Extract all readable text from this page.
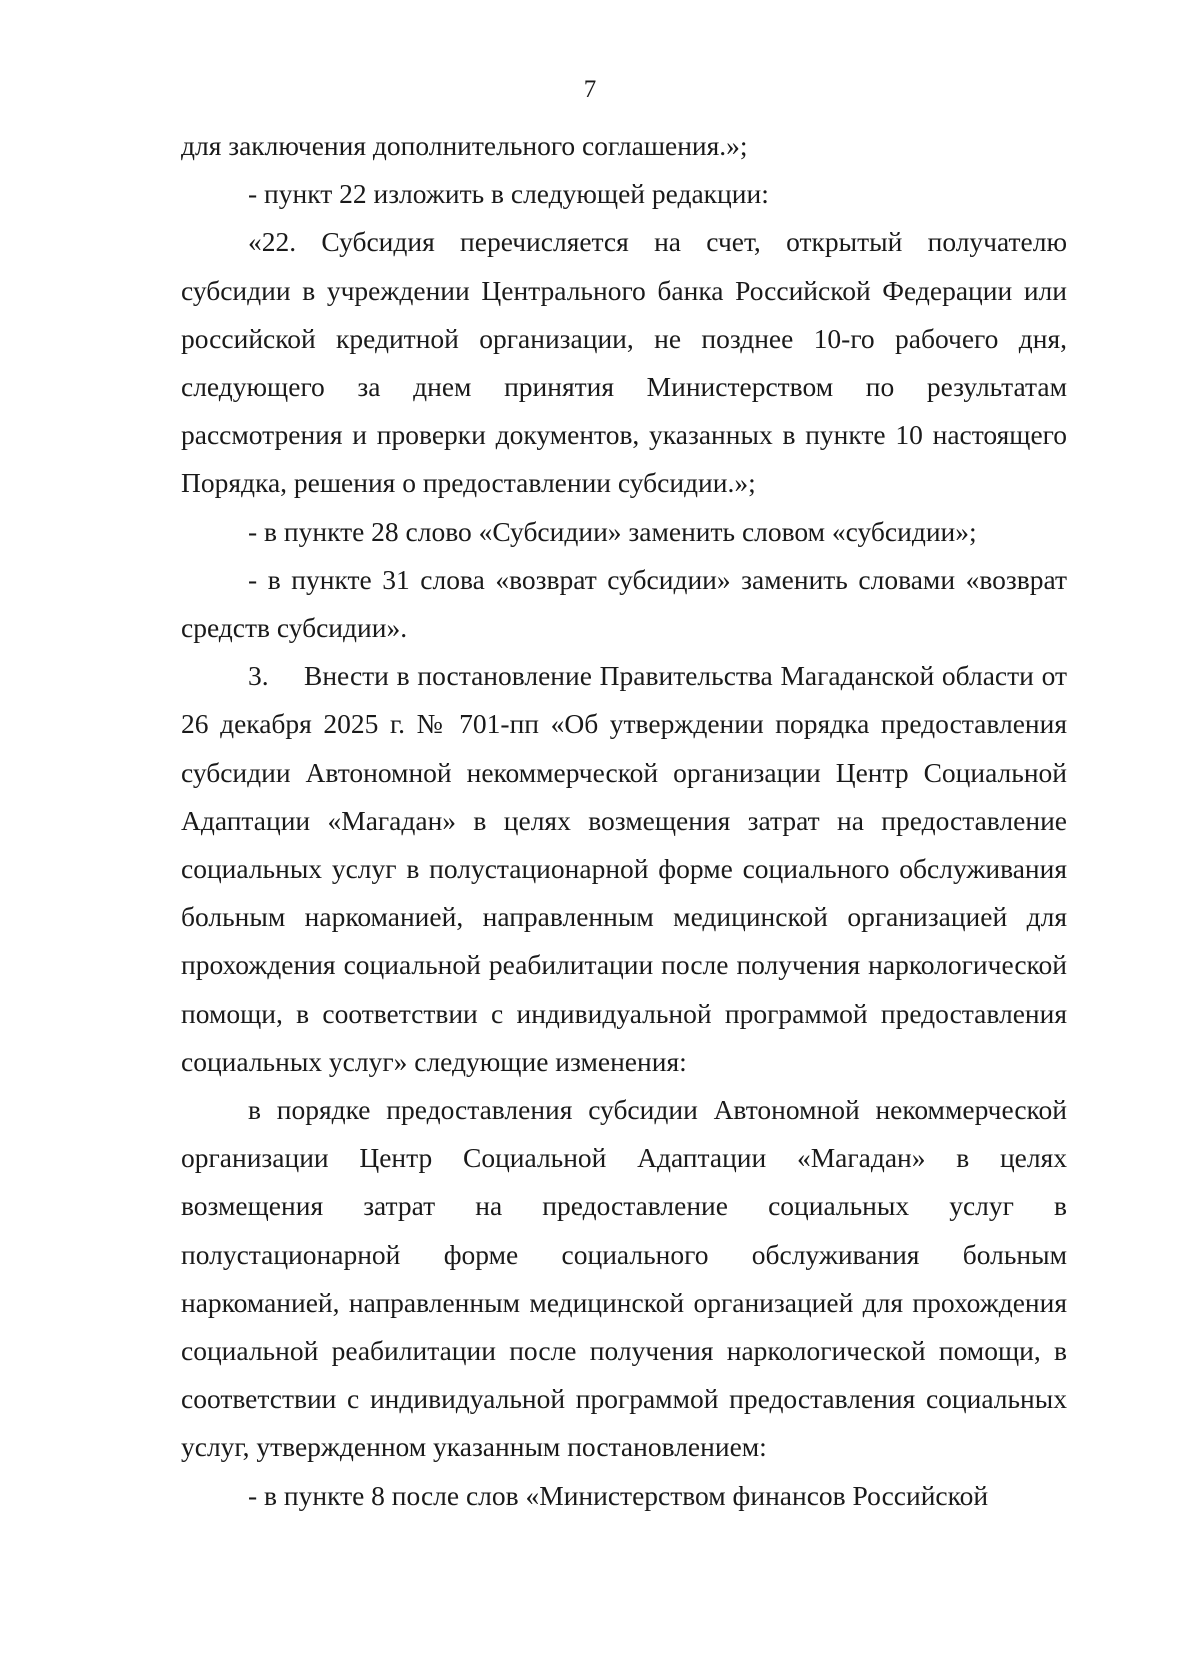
7

для заключения дополнительного соглашения.»;

- пункт 22 изложить в следующей редакции:

«22. Субсидия перечисляется на счет, открытый получателю субсидии в учреждении Центрального банка Российской Федерации или российской кредитной организации, не позднее 10-го рабочего дня, следующего за днем принятия Министерством по результатам рассмотрения и проверки документов, указанных в пункте 10 настоящего Порядка, решения о предоставлении субсидии.»;

- в пункте 28 слово «Субсидии» заменить словом «субсидии»;

- в пункте 31 слова «возврат субсидии» заменить словами «возврат средств субсидии».

3. Внести в постановление Правительства Магаданской области от 26 декабря 2025 г. № 701-пп «Об утверждении порядка предоставления субсидии Автономной некоммерческой организации Центр Социальной Адаптации «Магадан» в целях возмещения затрат на предоставление социальных услуг в полустационарной форме социального обслуживания больным наркоманией, направленным медицинской организацией для прохождения социальной реабилитации после получения наркологической помощи, в соответствии с индивидуальной программой предоставления социальных услуг» следующие изменения:

в порядке предоставления субсидии Автономной некоммерческой организации Центр Социальной Адаптации «Магадан» в целях возмещения затрат на предоставление социальных услуг в полустационарной форме социального обслуживания больным наркоманией, направленным медицинской организацией для прохождения социальной реабилитации после получения наркологической помощи, в соответствии с индивидуальной программой предоставления социальных услуг, утвержденном указанным постановлением:

- в пункте 8 после слов «Министерством финансов Российской
